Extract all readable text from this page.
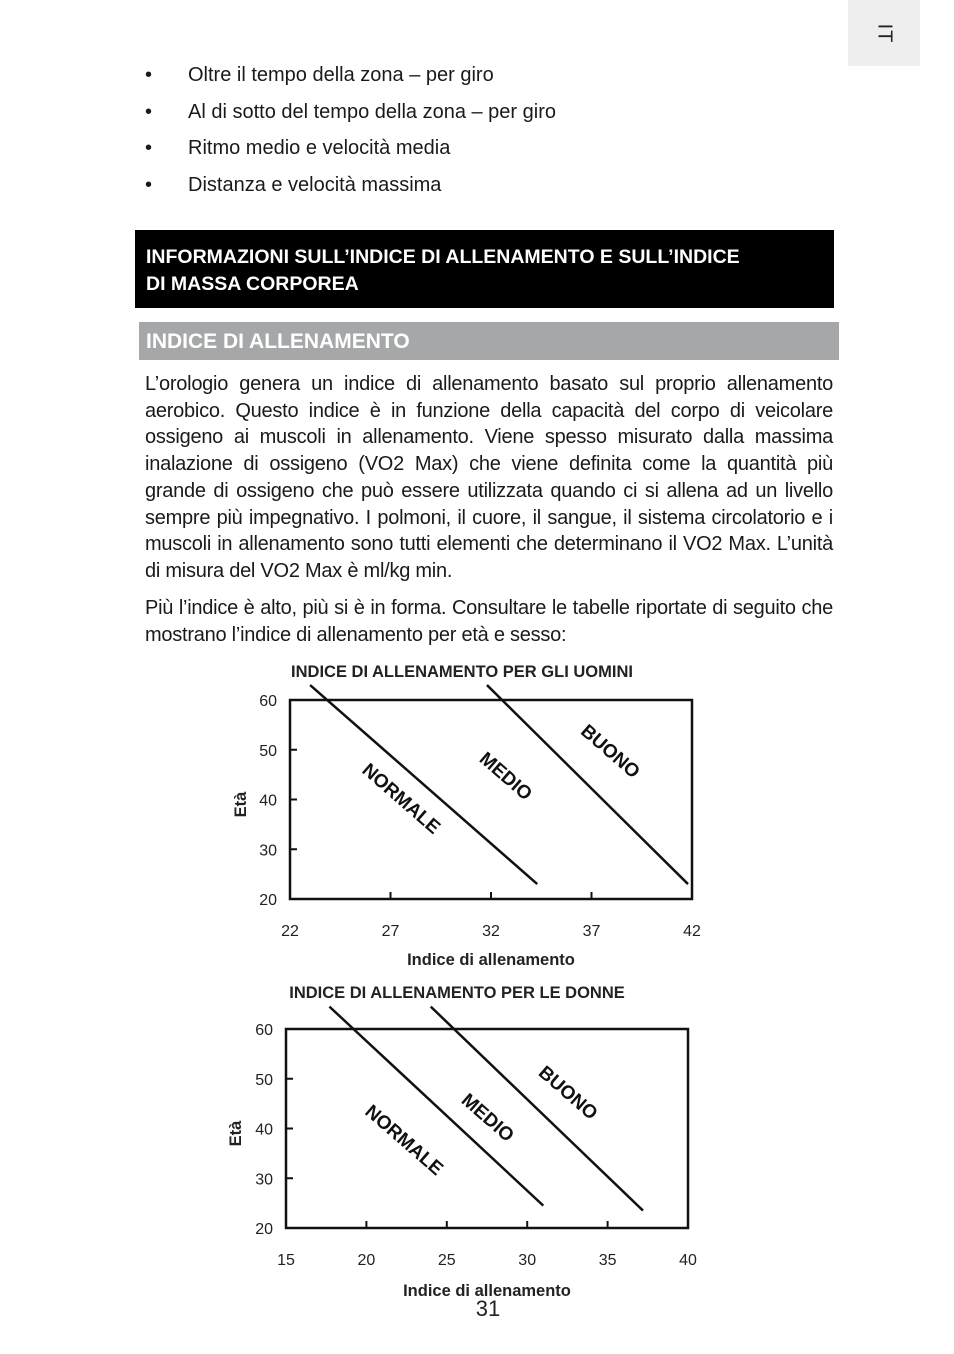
IT
• Oltre il tempo della zona – per giro
• Al di sotto del tempo della zona – per giro
• Ritmo medio e velocità media
• Distanza e velocità massima
INFORMAZIONI SULL’INDICE DI ALLENAMENTO E SULL’INDICE
DI MASSA CORPOREA
INDICE DI ALLENAMENTO

L’orologio genera un indice di allenamento basato sul proprio allenamento aerobico. Questo indice è in funzione della capacità del corpo di veicolare ossigeno ai muscoli in allenamento. Viene spesso misurato dalla massima inalazione di ossigeno (VO2 Max) che viene definita come la quantità più grande di ossigeno che può essere utilizzata quando ci si allena ad un livello sempre più impegnativo. I polmoni, il cuore, il sangue, il sistema circolatorio e i muscoli in allenamento sono tutti elementi che determinano il VO2 Max. L’unità di misura del VO2 Max è ml/kg min.

Più l’indice è alto, più si è in forma. Consultare le tabelle riportate di seguito che mostrano l’indice di allenamento per età e sesso:

INDICE DI ALLENAMENTO PER GLI UOMINI
20
30
40
50
60
22	27	32	37	42
NORMALE MEDIO BUONO
Indice di allenamento
Età
INDICE DI ALLENAMENTO PER LE DONNE
20
30
40
50
60
15	20	25	30	35	40
NORMALE MEDIO BUONO
Indice di allenamento
Età
31
